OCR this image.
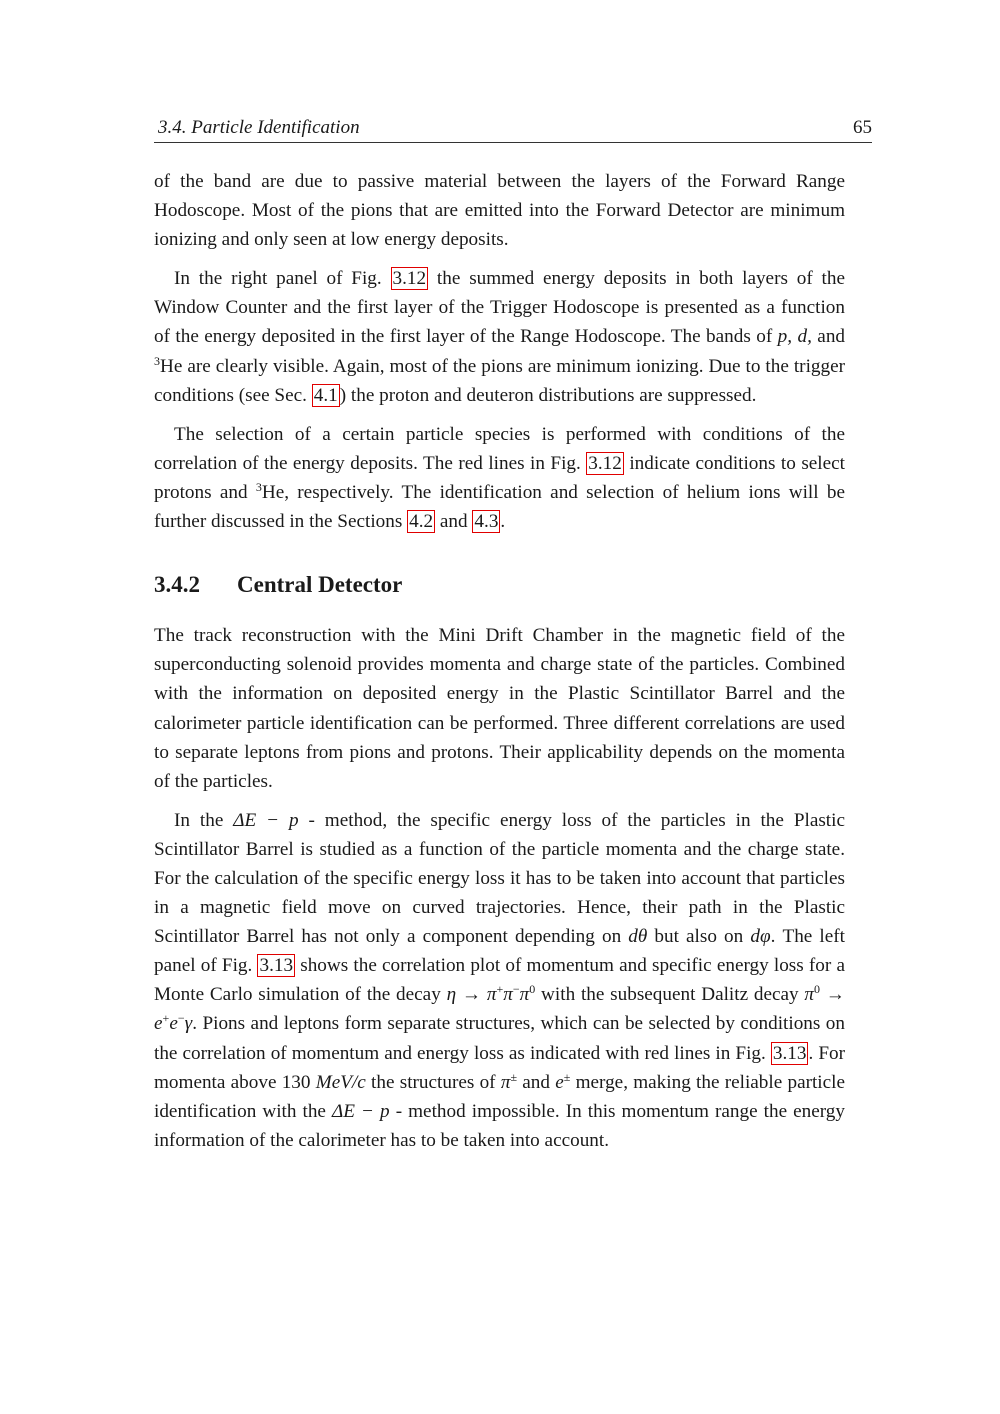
3.4. Particle Identification	65

of the band are due to passive material between the layers of the Forward Range Hodoscope. Most of the pions that are emitted into the Forward Detector are minimum ionizing and only seen at low energy deposits.

In the right panel of Fig. 3.12 the summed energy deposits in both layers of the Window Counter and the first layer of the Trigger Hodoscope is presented as a function of the energy deposited in the first layer of the Range Hodoscope. The bands of p, d, and $^3$He are clearly visible. Again, most of the pions are minimum ionizing. Due to the trigger conditions (see Sec. 4.1 ) the proton and deuteron distributions are suppressed.

The selection of a certain particle species is performed with conditions of the correlation of the energy deposits. The red lines in Fig. 3.12 indicate conditions to select protons and $^3$He, respectively. The identification and selection of helium ions will be further discussed in the Sections 4.2 and 4.3 .

3.4.2 Central Detector

The track reconstruction with the Mini Drift Chamber in the magnetic field of the superconducting solenoid provides momenta and charge state of the particles. Combined with the information on deposited energy in the Plastic Scintillator Barrel and the calorimeter particle identification can be performed. Three different correlations are used to separate leptons from pions and protons. Their applicability depends on the momenta of the particles.

In the ΔE − p - method, the specific energy loss of the particles in the Plastic Scintillator Barrel is studied as a function of the particle momenta and the charge state. For the calculation of the specific energy loss it has to be taken into account that particles in a magnetic field move on curved trajectories. Hence, their path in the Plastic Scintillator Barrel has not only a component depending on dθ but also on dφ. The left panel of Fig. 3.13 shows the correlation plot of momentum and specific energy loss for a Monte Carlo simulation of the decay $\eta \to \pi^+\pi^-\pi^0$ with the subsequent Dalitz decay $\pi^0 \to e^+e^-\gamma$. Pions and leptons form separate structures, which can be selected by conditions on the correlation of momentum and energy loss as indicated with red lines in Fig. 3.13 . For momenta above 130 MeV/c the structures of π± and e± merge, making the reliable particle identification with the ΔE − p - method impossible. In this momentum range the energy information of the calorimeter has to be taken into account.
